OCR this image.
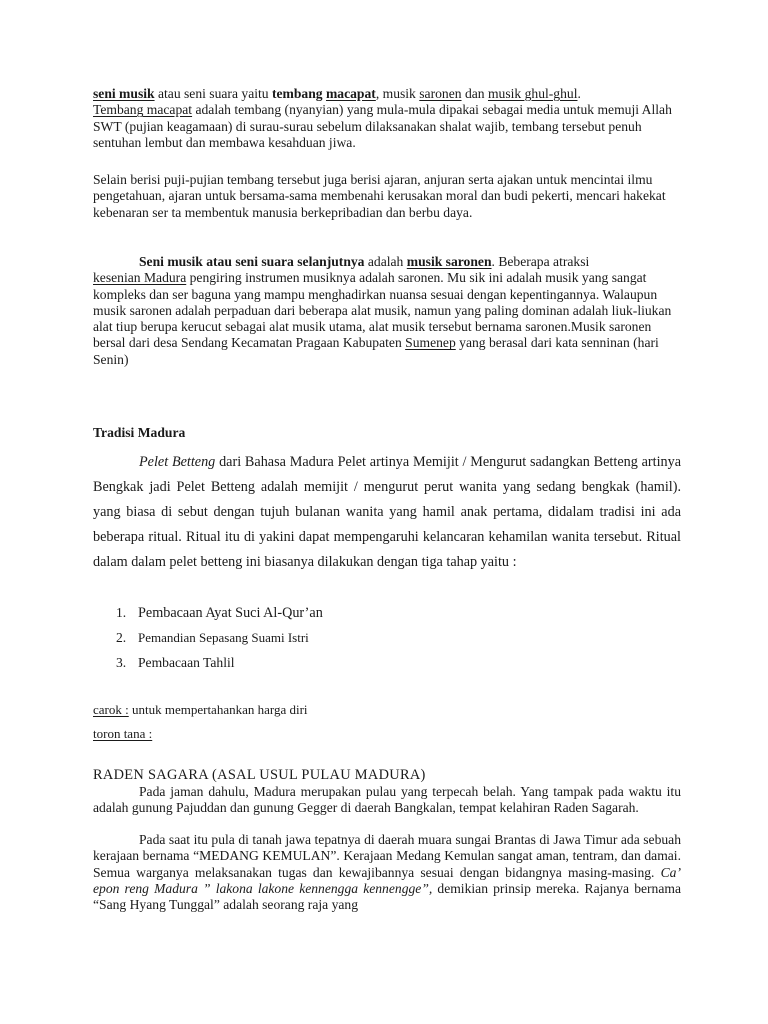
seni musik atau seni suara yaitu tembang macapat, musik saronen dan musik ghul-ghul.
Tembang macapat adalah tembang (nyanyian) yang mula-mula dipakai sebagai media untuk memuji Allah SWT (pujian keagamaan) di surau-surau sebelum dilaksanakan shalat wajib, tembang tersebut penuh sentuhan lembut dan membawa kesahduan jiwa.

Selain berisi puji-pujian tembang tersebut juga berisi ajaran, anjuran serta ajakan untuk mencintai ilmu pengetahuan, ajaran untuk bersama-sama membenahi kerusakan moral dan budi pekerti, mencari hakekat kebenaran ser ta membentuk manusia berkepribadian dan berbu daya.

Seni musik atau seni suara selanjutnya adalah musik saronen. Beberapa atraksi
kesenian Madura pengiring instrumen musiknya adalah saronen. Mu sik ini adalah musik yang sangat kompleks dan ser baguna yang mampu menghadirkan nuansa sesuai dengan kepentingannya. Walaupun musik saronen adalah perpaduan dari beberapa alat musik, namun yang paling dominan adalah liuk-liukan alat tiup berupa kerucut sebagai alat musik utama, alat musik tersebut bernama saronen.Musik saronen bersal dari desa Sendang Kecamatan Pragaan Kabupaten Sumenep yang berasal dari kata senninan (hari Senin)

Tradisi Madura

Pelet Betteng dari Bahasa Madura Pelet artinya Memijit / Mengurut sadangkan Betteng artinya Bengkak jadi Pelet Betteng adalah memijit / mengurut perut wanita yang sedang bengkak (hamil). yang biasa di sebut dengan tujuh bulanan wanita yang hamil anak pertama, didalam tradisi ini ada beberapa ritual. Ritual itu di yakini dapat mempengaruhi kelancaran kehamilan wanita tersebut. Ritual dalam dalam pelet betteng ini biasanya dilakukan dengan tiga tahap yaitu :

1. Pembacaan Ayat Suci Al-Qur’an
2. Pemandian Sepasang Suami Istri
3. Pembacaan Tahlil

carok : untuk mempertahankan harga diri

toron tana :

RADEN SAGARA (ASAL USUL PULAU MADURA)

Pada jaman dahulu, Madura merupakan pulau yang terpecah belah. Yang tampak pada waktu itu adalah gunung Pajuddan dan gunung Gegger di daerah Bangkalan, tempat kelahiran Raden Sagarah.

Pada saat itu pula di tanah jawa tepatnya di daerah muara sungai Brantas di Jawa Timur ada sebuah kerajaan bernama “MEDANG KEMULAN”. Kerajaan Medang Kemulan sangat aman, tentram, dan damai. Semua warganya melaksanakan tugas dan kewajibannya sesuai dengan bidangnya masing-masing. Ca’ epon reng Madura ” lakona lakone kennengga kennengge”, demikian prinsip mereka. Rajanya bernama “Sang Hyang Tunggal” adalah seorang raja yang
